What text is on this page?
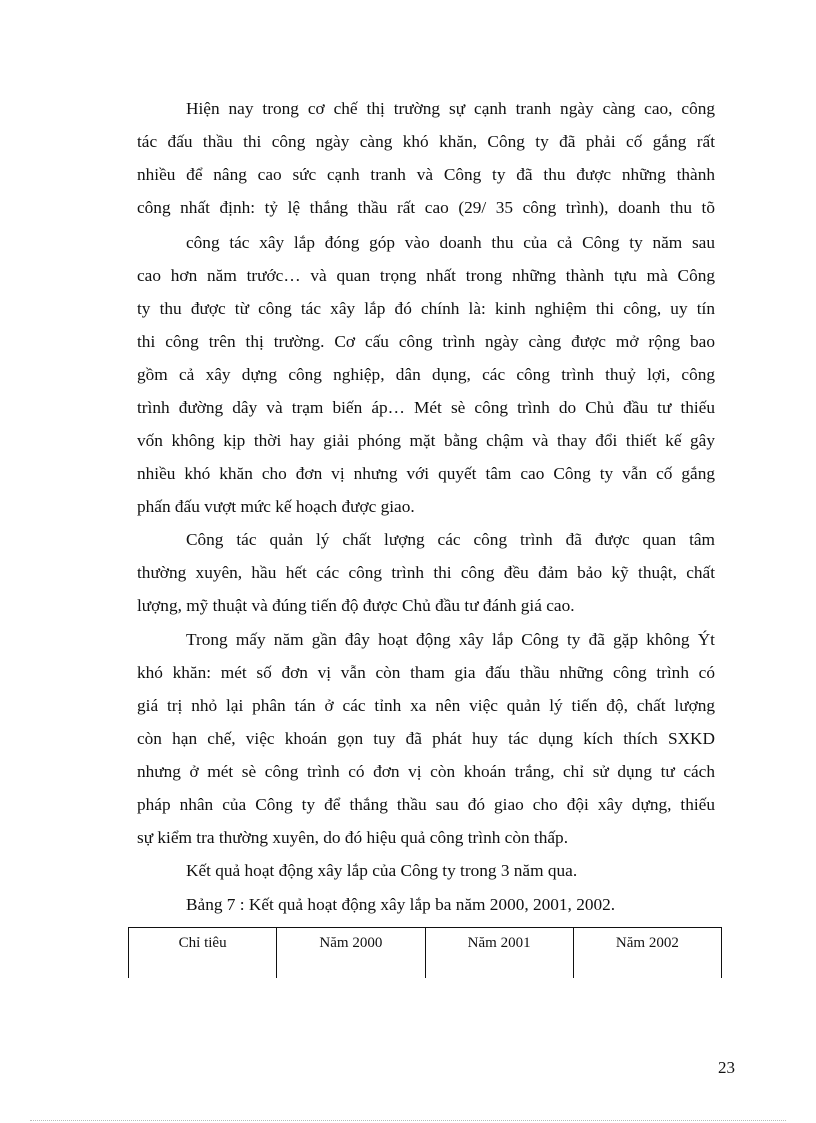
Hiện nay trong cơ chế thị trường sự cạnh tranh ngày càng cao, công
tác đấu thầu thi công ngày càng khó khăn, Công ty đã phải cố gắng rất
nhiều để nâng cao sức cạnh tranh và Công ty đã thu được những thành
công nhất định: tỷ lệ thắng thầu rất cao (29/ 35 công trình), doanh thu tõ
công tác xây lắp đóng góp vào doanh thu của cả Công ty năm sau
cao hơn năm trước… và quan trọng nhất trong những thành tựu mà Công
ty thu được từ công tác xây lắp đó chính là: kinh nghiệm thi công, uy tín
thi công trên thị trường. Cơ cấu công trình ngày càng được mở rộng bao
gồm cả xây dựng công nghiệp, dân dụng, các công trình thuỷ lợi, công
trình đường dây và trạm biến áp… Mét sè công trình do Chủ đầu tư thiếu
vốn không kịp thời hay giải phóng mặt bằng chậm và thay đổi thiết kế gây
nhiều khó khăn cho đơn vị nhưng với quyết tâm cao Công ty vẫn cố gắng
phấn đấu vượt mức kế hoạch được giao.
Công tác quản lý chất lượng các công trình đã được quan tâm
thường xuyên, hầu hết các công trình thi công đều đảm bảo kỹ thuật, chất
lượng, mỹ thuật và đúng tiến độ được Chủ đầu tư đánh giá cao.
Trong mấy năm gần đây hoạt động xây lắp Công ty đã gặp không Ýt
khó khăn: mét số đơn vị vẫn còn tham gia đấu thầu những công trình có
giá trị nhỏ lại phân tán ở các tỉnh xa nên việc quản lý tiến độ, chất lượng
còn hạn chế, việc khoán gọn tuy đã phát huy tác dụng kích thích SXKD
nhưng ở mét sè công trình có đơn vị còn khoán trắng, chỉ sử dụng tư cách
pháp nhân của Công ty để thắng thầu sau đó giao cho đội xây dựng, thiếu
sự kiểm tra thường xuyên, do đó hiệu quả công trình còn thấp.
Kết quả hoạt động xây lắp của Công ty trong 3 năm qua.
Bảng 7 : Kết quả hoạt động xây lắp ba năm 2000, 2001, 2002.
Chỉ tiêu	Năm 2000	Năm 2001	Năm 2002
23
